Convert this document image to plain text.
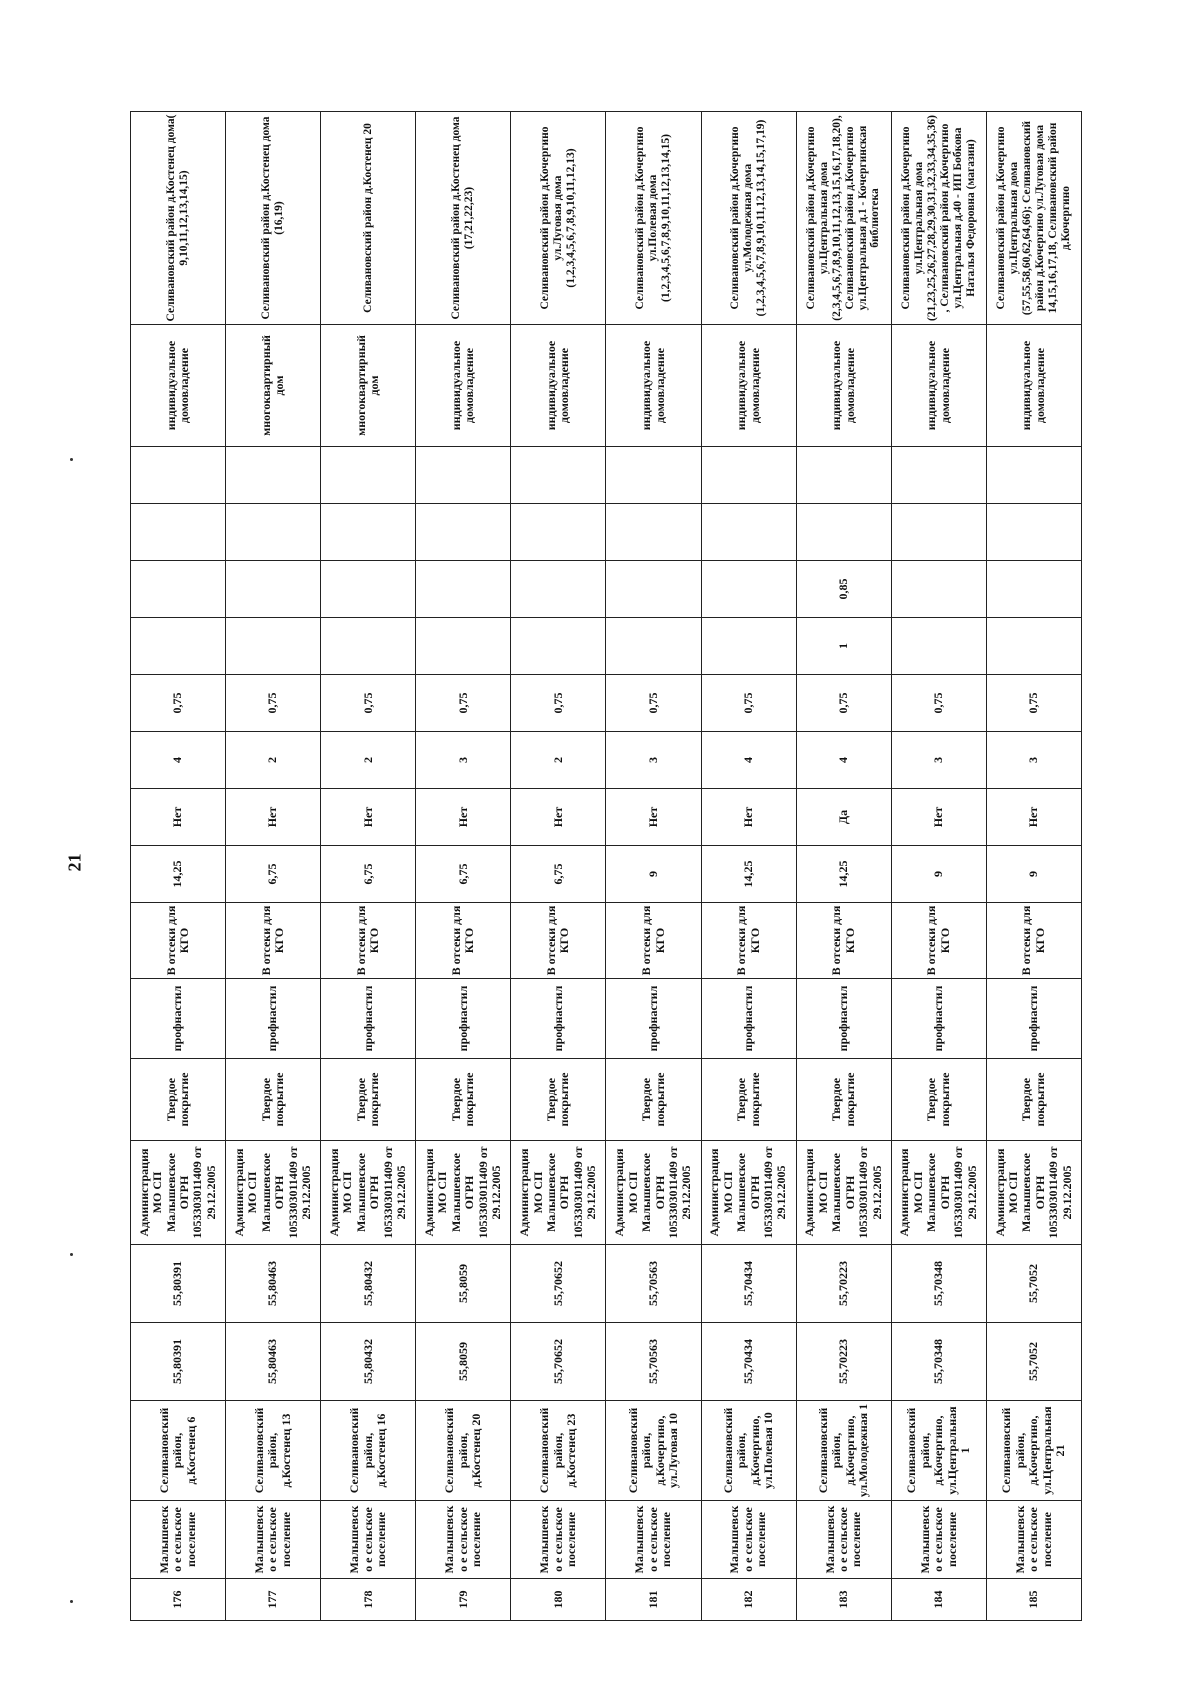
21
176	Малышевско е сельское поселение	Селивановский район, д.Костенец 6	55,80391	55,80391	Администрация МО СП Малышевское ОГРН 1053303011409 от 29.12.2005	Твердое покрытие	профнастил	В отсеки для КГО	14,25	Нет	4	0,75					индивидуальное домовладение	Селивановский район д.Костенец дома( 9,10,11,12,13,14,15)
177	Малышевско е сельское поселение	Селивановский район, д.Костенец 13	55,80463	55,80463	Администрация МО СП Малышевское ОГРН 1053303011409 от 29.12.2005	Твердое покрытие	профнастил	В отсеки для КГО	6,75	Нет	2	0,75					многоквартирный дом	Селивановский район д.Костенец дома (16,19)
178	Малышевско е сельское поселение	Селивановский район, д.Костенец 16	55,80432	55,80432	Администрация МО СП Малышевское ОГРН 1053303011409 от 29.12.2005	Твердое покрытие	профнастил	В отсеки для КГО	6,75	Нет	2	0,75					многоквартирный дом	Селивановский район д.Костенец 20
179	Малышевско е сельское поселение	Селивановский район, д.Костенец 20	55,8059	55,8059	Администрация МО СП Малышевское ОГРН 1053303011409 от 29.12.2005	Твердое покрытие	профнастил	В отсеки для КГО	6,75	Нет	3	0,75					индивидуальное домовладение	Селивановский район д.Костенец дома (17,21,22,23)
180	Малышевско е сельское поселение	Селивановский район, д.Костенец 23	55,70652	55,70652	Администрация МО СП Малышевское ОГРН 1053303011409 от 29.12.2005	Твердое покрытие	профнастил	В отсеки для КГО	6,75	Нет	2	0,75					индивидуальное домовладение	Селивановский район д.Кочергино ул.Луговая дома (1,2,3,4,5,6,7,8,9,10,11,12,13)
181	Малышевско е сельское поселение	Селивановский район, д.Кочергино, ул.Луговая 10	55,70563	55,70563	Администрация МО СП Малышевское ОГРН 1053303011409 от 29.12.2005	Твердое покрытие	профнастил	В отсеки для КГО	9	Нет	3	0,75					индивидуальное домовладение	Селивановский район д.Кочергино ул.Полевая дома (1,2,3,4,5,6,7,8,9,10,11,12,13,14,15)
182	Малышевско е сельское поселение	Селивановский район, д.Кочергино, ул.Полевая 10	55,70434	55,70434	Администрация МО СП Малышевское ОГРН 1053303011409 от 29.12.2005	Твердое покрытие	профнастил	В отсеки для КГО	14,25	Нет	4	0,75					индивидуальное домовладение	Селивановский район д.Кочергино ул.Молодежная дома (1,2,3,4,5,6,7,8,9,10,11,12,13,14,15,17,19)
183	Малышевско е сельское поселение	Селивановский район, д.Кочергино, ул.Молодежная 1	55,70223	55,70223	Администрация МО СП Малышевское ОГРН 1053303011409 от 29.12.2005	Твердое покрытие	профнастил	В отсеки для КГО	14,25	Да	4	0,75	1	0,85			индивидуальное домовладение	Селивановский район д.Кочергино ул.Центральная дома (2,3,4,5,6,7,8,9,10,11,12,13,15,16,17,18,20), Селивановский район д.Кочергино ул.Центральная д.1 - Кочергинская библиотека
184	Малышевско е сельское поселение	Селивановский район, д.Кочергино, ул.Центральная 1	55,70348	55,70348	Администрация МО СП Малышевское ОГРН 1053303011409 от 29.12.2005	Твердое покрытие	профнастил	В отсеки для КГО	9	Нет	3	0,75					индивидуальное домовладение	Селивановский район д.Кочергино ул.Центральная дома (21,23,25,26,27,28,29,30,31,32,33,34,35,36), Селивановский район д.Кочергино ул.Центральная д.40 - ИП Бобкова Наталья Федоровна (магазин)
185	Малышевско е сельское поселение	Селивановский район, д.Кочергино, ул.Центральная 21	55,7052	55,7052	Администрация МО СП Малышевское ОГРН 1053303011409 от 29.12.2005	Твердое покрытие	профнастил	В отсеки для КГО	9	Нет	3	0,75					индивидуальное домовладение	Селивановский район д.Кочергино ул.Центральная дома (57,55,58,60,62,64,66); Селивановский район д.Кочергино ул.Луговая дома 14,15,16,17,18, Селивановский район д.Кочергино
